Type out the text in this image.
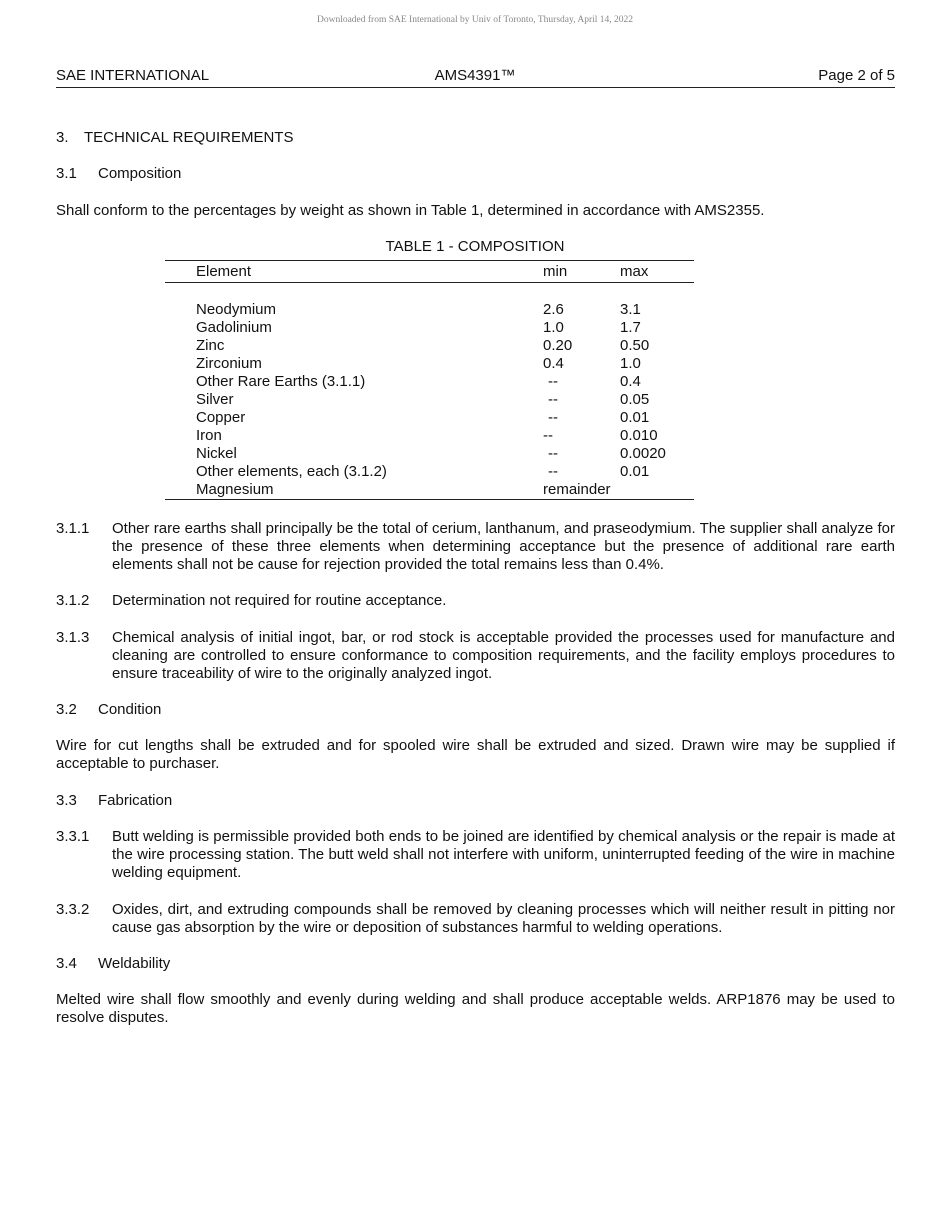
Downloaded from SAE International by Univ of Toronto, Thursday, April 14, 2022
SAE INTERNATIONAL	AMS4391™	Page 2 of 5
3. TECHNICAL REQUIREMENTS
3.1 Composition
Shall conform to the percentages by weight as shown in Table 1, determined in accordance with AMS2355.
TABLE 1 - COMPOSITION
Element	min	max
Neodymium	2.6	3.1
Gadolinium	1.0	1.7
Zinc	0.20	0.50
Zirconium	0.4	1.0
Other Rare Earths (3.1.1)	--	0.4
Silver	--	0.05
Copper	--	0.01
Iron	--	0.010
Nickel	--	0.0020
Other elements, each (3.1.2)	--	0.01
Magnesium	remainder
3.1.1 Other rare earths shall principally be the total of cerium, lanthanum, and praseodymium. The supplier shall analyze for the presence of these three elements when determining acceptance but the presence of additional rare earth elements shall not be cause for rejection provided the total remains less than 0.4%.
3.1.2 Determination not required for routine acceptance.
3.1.3 Chemical analysis of initial ingot, bar, or rod stock is acceptable provided the processes used for manufacture and cleaning are controlled to ensure conformance to composition requirements, and the facility employs procedures to ensure traceability of wire to the originally analyzed ingot.
3.2 Condition
Wire for cut lengths shall be extruded and for spooled wire shall be extruded and sized. Drawn wire may be supplied if acceptable to purchaser.
3.3 Fabrication
3.3.1 Butt welding is permissible provided both ends to be joined are identified by chemical analysis or the repair is made at the wire processing station. The butt weld shall not interfere with uniform, uninterrupted feeding of the wire in machine welding equipment.
3.3.2 Oxides, dirt, and extruding compounds shall be removed by cleaning processes which will neither result in pitting nor cause gas absorption by the wire or deposition of substances harmful to welding operations.
3.4 Weldability
Melted wire shall flow smoothly and evenly during welding and shall produce acceptable welds. ARP1876 may be used to resolve disputes.
